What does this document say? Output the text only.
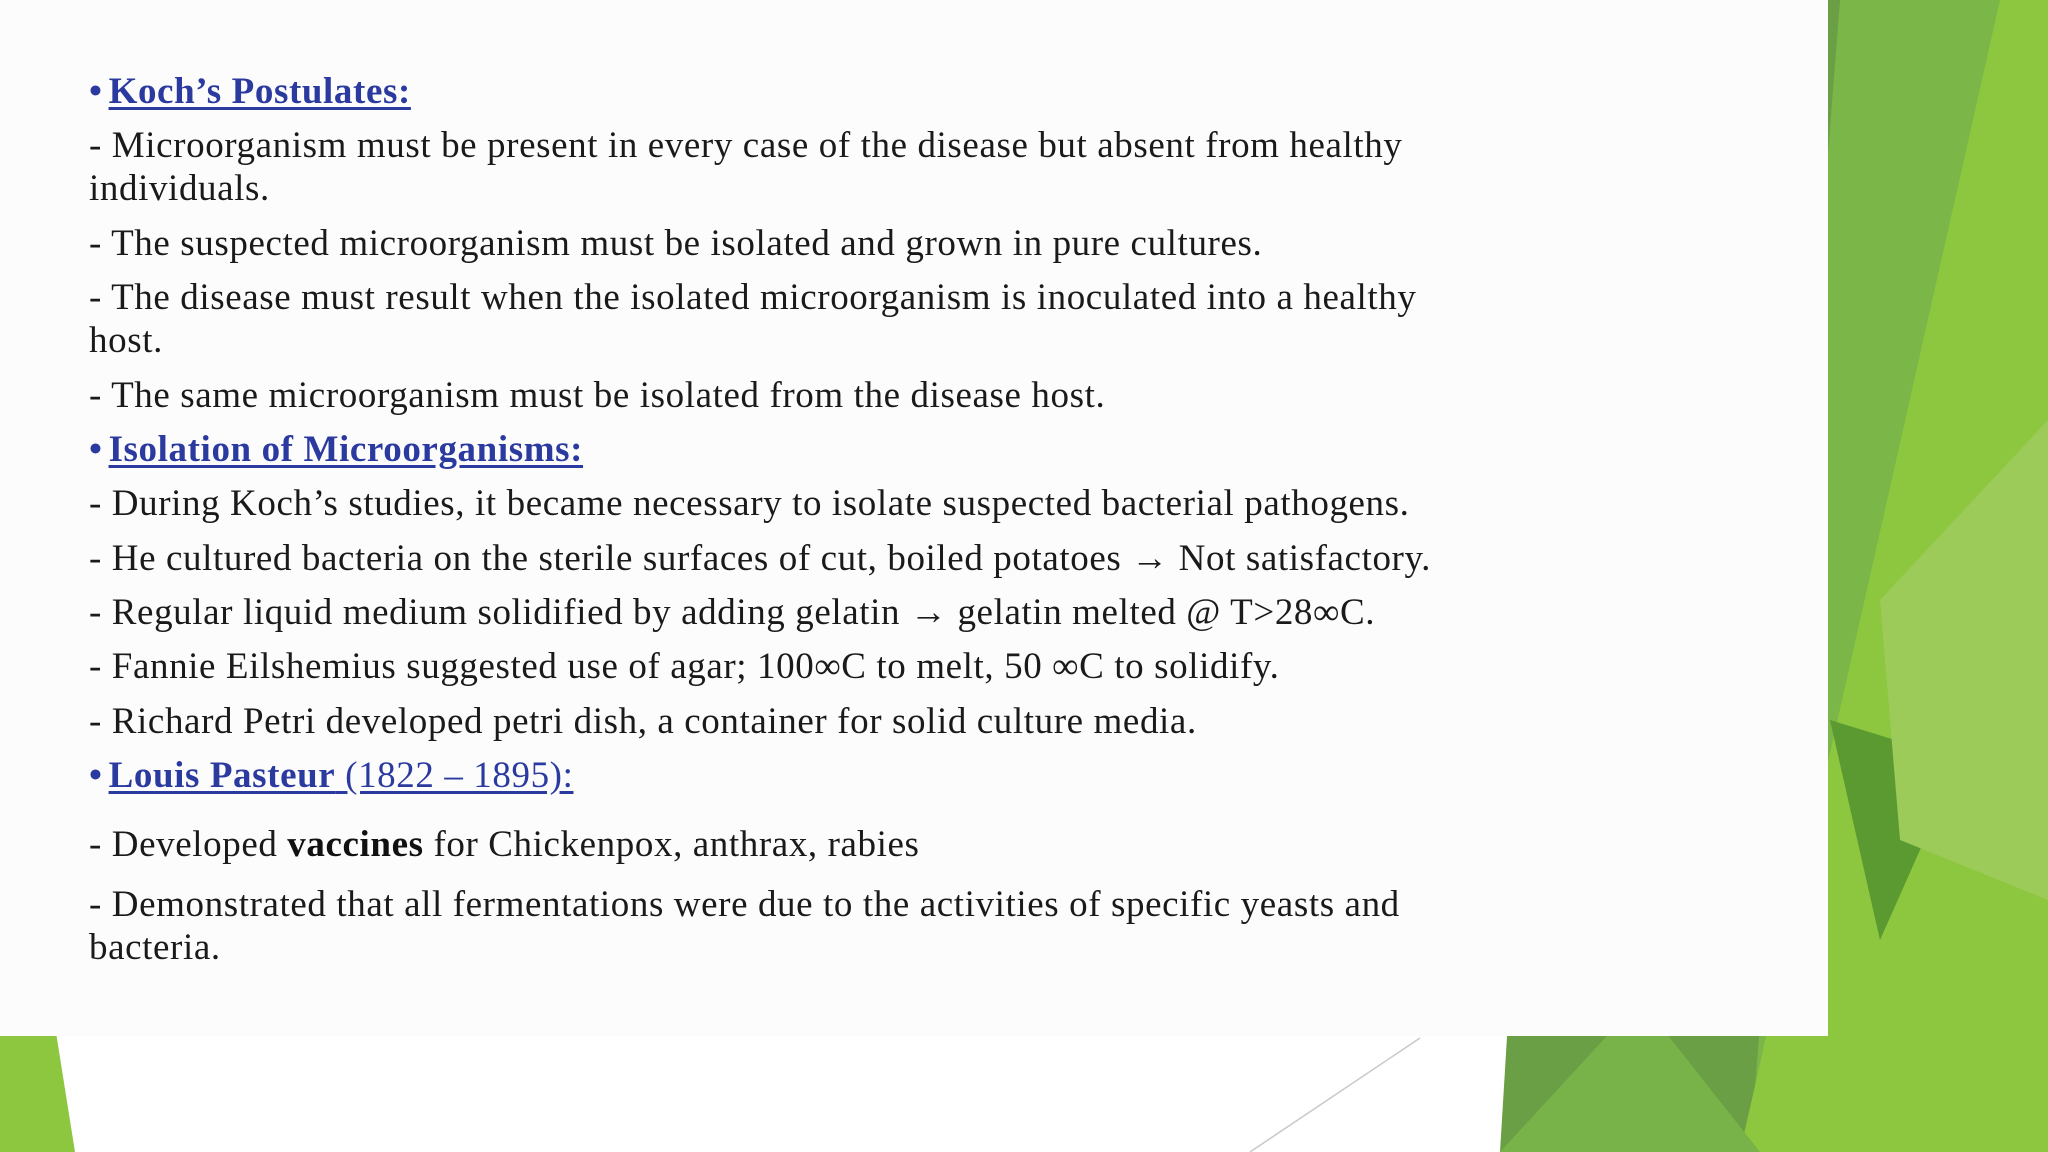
• Koch’s Postulates:

- Microorganism must be present in every case of the disease but absent from healthy

individuals.

- The suspected microorganism must be isolated and grown in pure cultures.

- The disease must result when the isolated microorganism is inoculated into a healthy

host.

- The same microorganism must be isolated from the disease host.

• Isolation of Microorganisms:

- During Koch’s studies, it became necessary to isolate suspected bacterial pathogens.

- He cultured bacteria on the sterile surfaces of cut, boiled potatoes → Not satisfactory.

- Regular liquid medium solidified by adding gelatin → gelatin melted @ T>28∞C.

- Fannie Eilshemius suggested use of agar; 100∞C to melt, 50 ∞C to solidify.

- Richard Petri developed petri dish, a container for solid culture media.

• Louis Pasteur (1822 – 1895):

- Developed vaccines for Chickenpox, anthrax, rabies

- Demonstrated that all fermentations were due to the activities of specific yeasts and

bacteria.
